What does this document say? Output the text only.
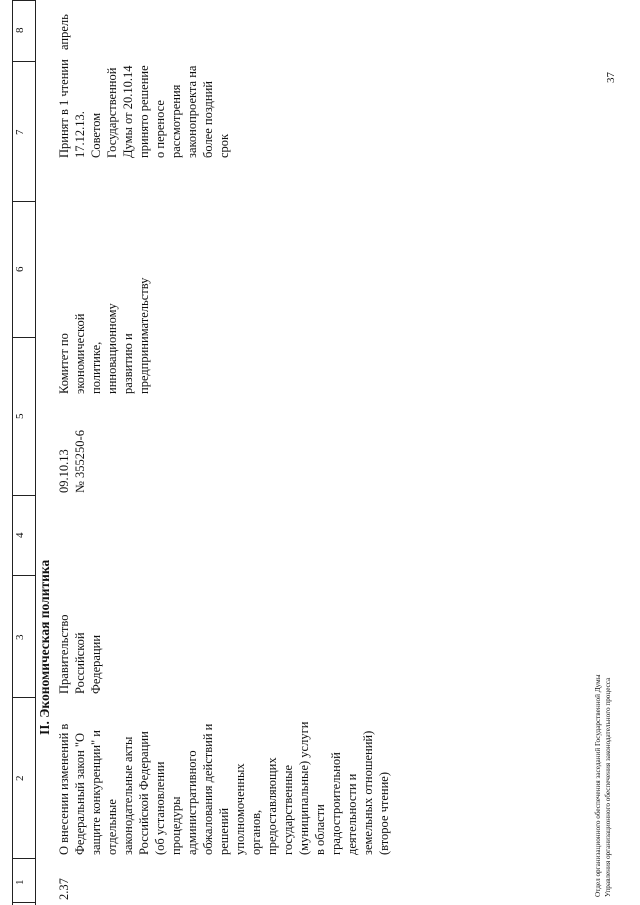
1
2
3
4
5
6
7
8
II. Экономическая политика
2.37
О внесении изменений в
Федеральный закон "О
защите конкуренции" и
отдельные
законодательные акты
Российской Федерации
(об установлении
процедуры
административного
обжалования действий и
решений
уполномоченных
органов,
предоставляющих
государственные
(муниципальные) услуги
в области
градостроительной
деятельности и
земельных отношений)
(второе чтение)
Правительство
Российской Федерации
09.10.13
№ 355250-6
Комитет по
экономической
политике,
инновационному
развитию и
предпринимательству
Принят в 1 чтении
17.12.13.
Советом
Государственной
Думы от 20.10.14
принято решение
о переносе
рассмотрения
законопроекта на
более поздний
срок
апрель
Отдел организационного обеспечения заседаний Государственной Думы
Управления организационного обеспечения законодательного процесса
37
